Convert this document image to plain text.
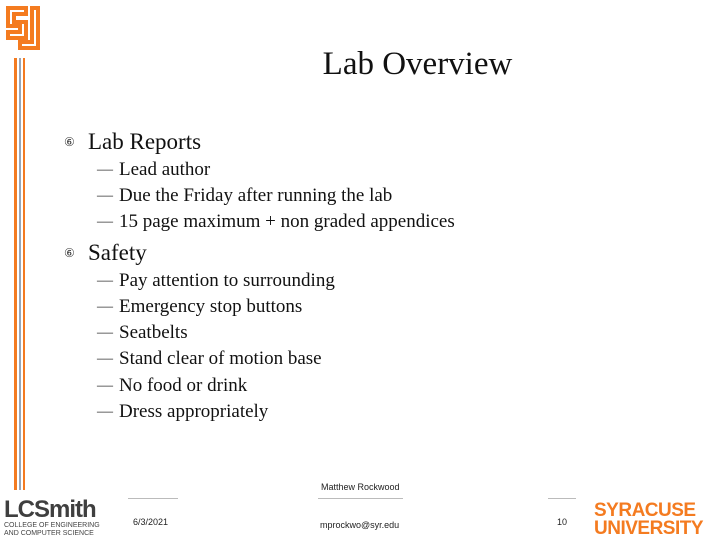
Lab Overview
⑥ Lab Reports
— Lead author
— Due the Friday after running the lab
— 15 page maximum + non graded appendices
⑥ Safety
— Pay attention to surrounding
— Emergency stop buttons
— Seatbelts
— Stand clear of motion base
— No food or drink
— Dress appropriately
6/3/2021
Matthew Rockwood
mprockwo@syr.edu	10
LCSmith
COLLEGE OF ENGINEERING
AND COMPUTER SCIENCE
SYRACUSE
UNIVERSITY
